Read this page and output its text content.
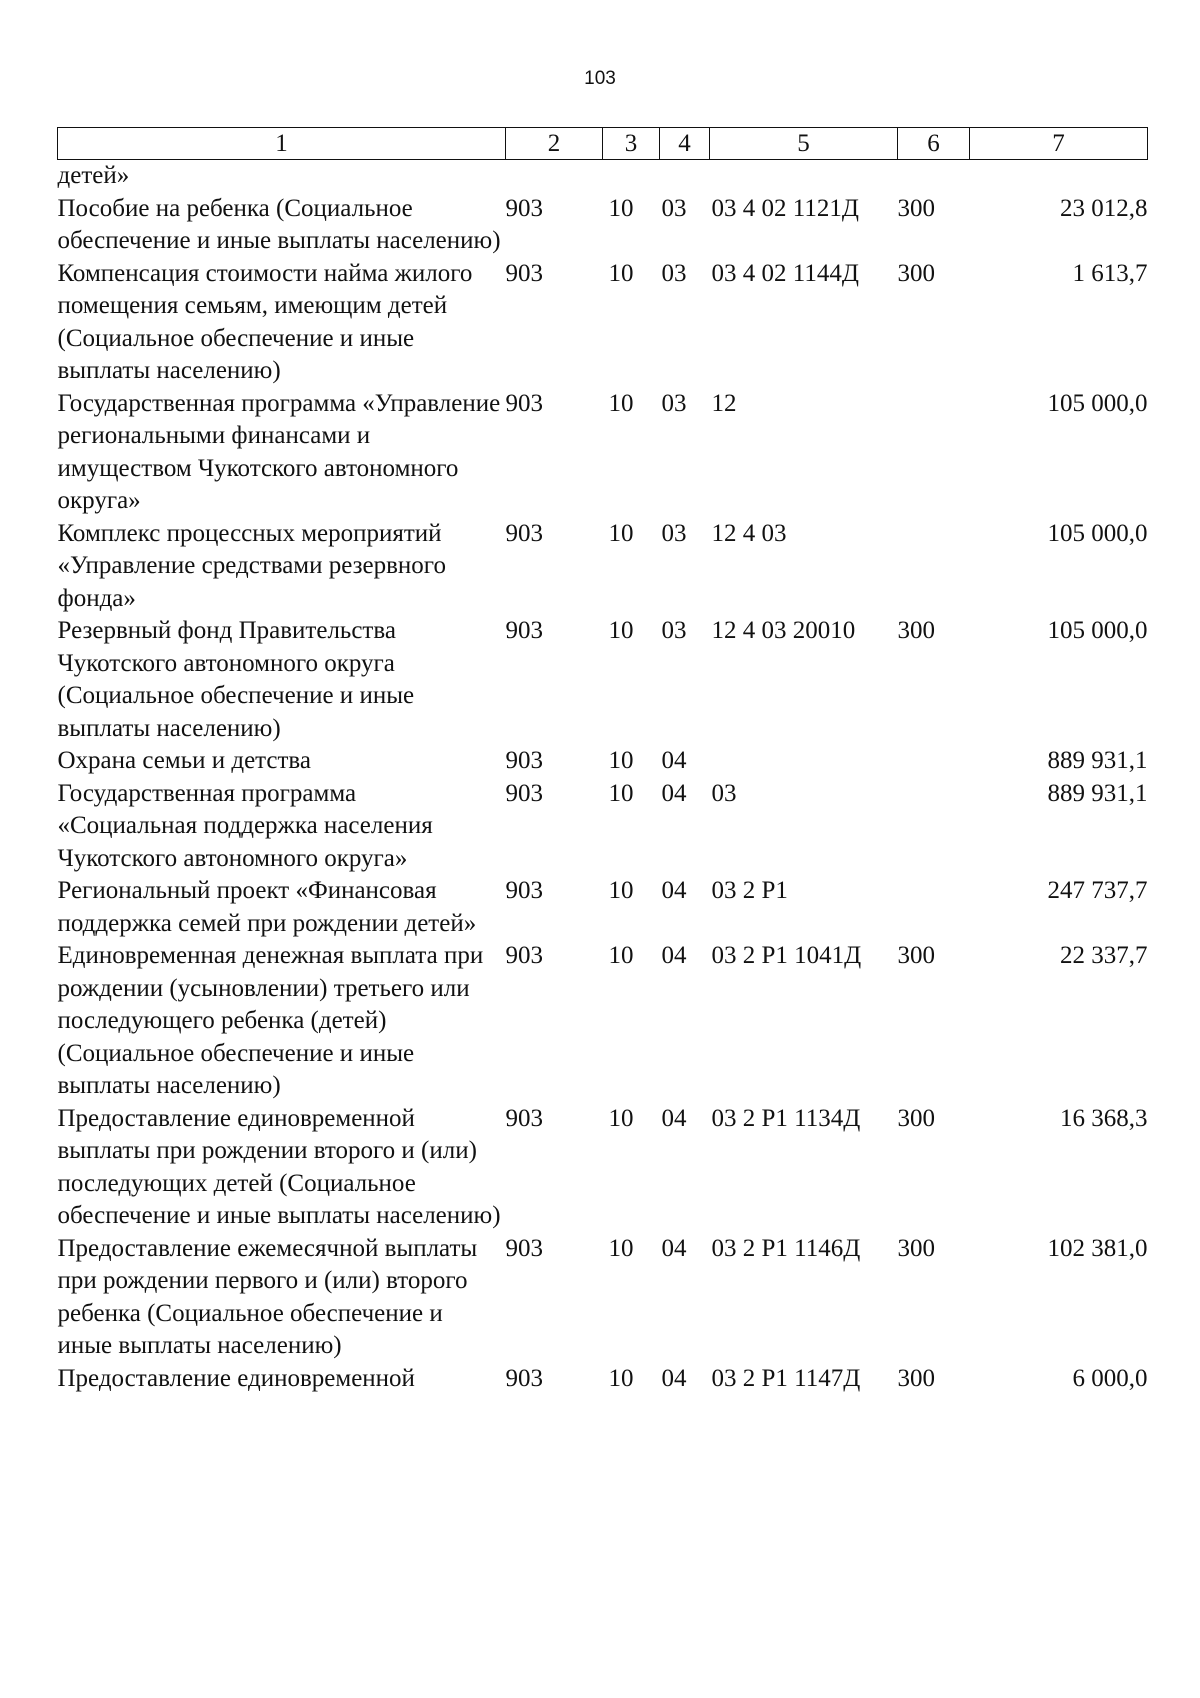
103
1	2	3	4	5	6	7
детей»						
Пособие на ребенка (Социальное обеспечение и иные выплаты населению)	903	10	03	03 4 02 1121Д	300	23 012,8
Компенсация стоимости найма жилого помещения семьям, имеющим детей (Социальное обеспечение и иные выплаты населению)	903	10	03	03 4 02 1144Д	300	1 613,7
Государственная программа «Управление региональными финансами и имуществом Чукотского автономного округа»	903	10	03	12		105 000,0
Комплекс процессных мероприятий «Управление средствами резервного фонда»	903	10	03	12 4 03		105 000,0
Резервный фонд Правительства Чукотского автономного округа (Социальное обеспечение и иные выплаты населению)	903	10	03	12 4 03 20010	300	105 000,0
Охрана семьи и детства	903	10	04			889 931,1
Государственная программа «Социальная поддержка населения Чукотского автономного округа»	903	10	04	03		889 931,1
Региональный проект «Финансовая поддержка семей при рождении детей»	903	10	04	03 2 Р1		247 737,7
Единовременная денежная выплата при рождении (усыновлении) третьего или последующего ребенка (детей) (Социальное обеспечение и иные выплаты населению)	903	10	04	03 2 Р1 1041Д	300	22 337,7
Предоставление единовременной выплаты при рождении второго и (или) последующих детей (Социальное обеспечение и иные выплаты населению)	903	10	04	03 2 Р1 1134Д	300	16 368,3
Предоставление ежемесячной выплаты при рождении первого и (или) второго ребенка (Социальное обеспечение и иные выплаты населению)	903	10	04	03 2 Р1 1146Д	300	102 381,0
Предоставление единовременной	903	10	04	03 2 Р1 1147Д	300	6 000,0
